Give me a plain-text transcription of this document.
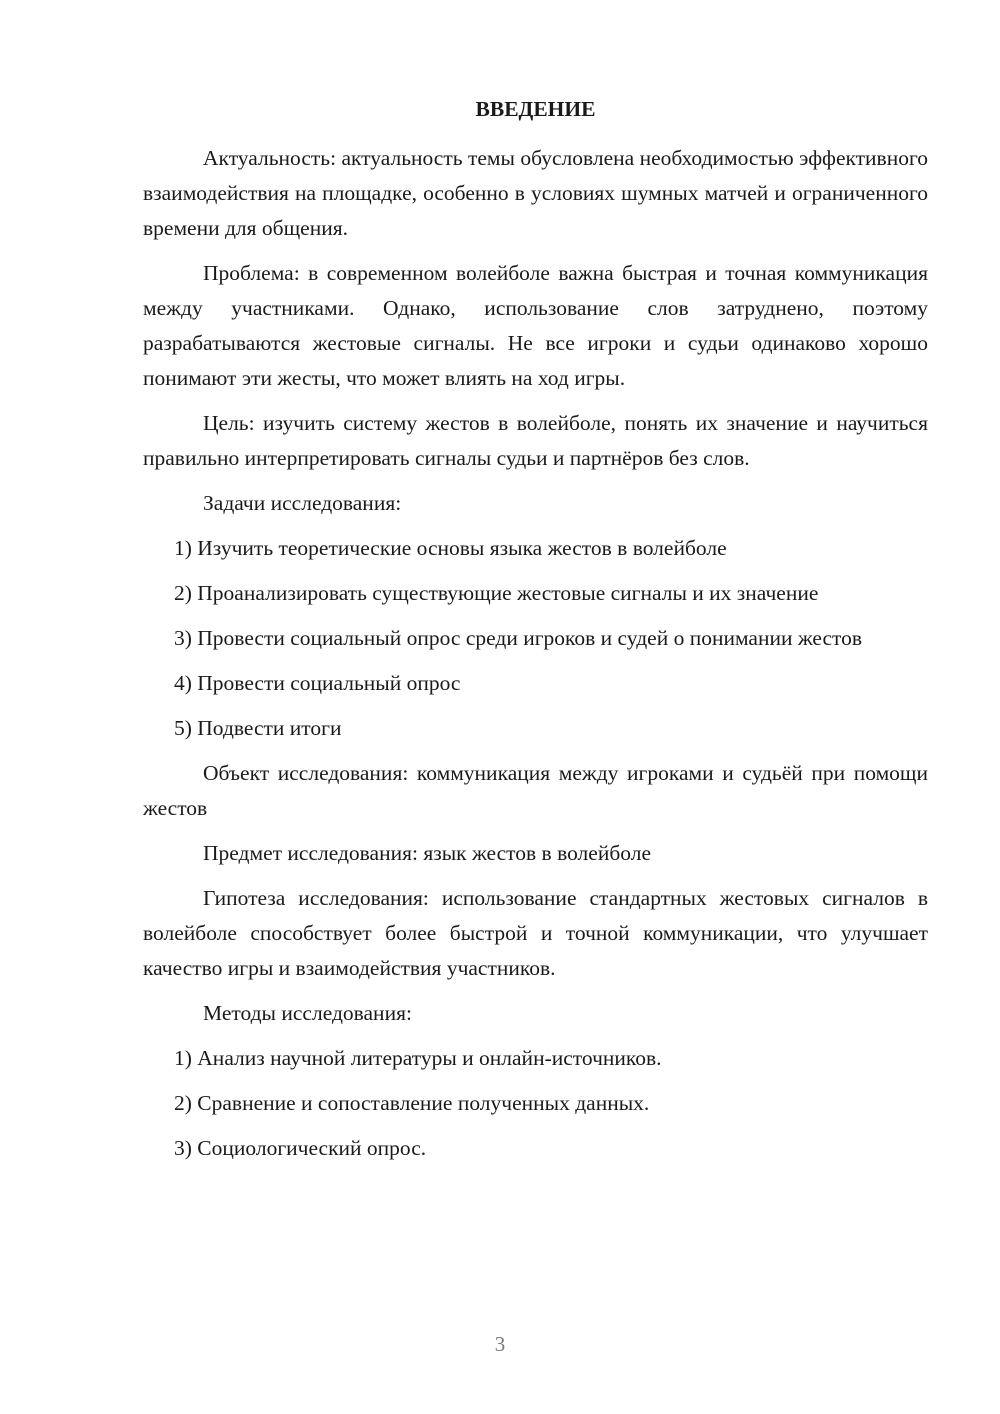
ВВЕДЕНИЕ

Актуальность: актуальность темы обусловлена необходимостью эффективного взаимодействия на площадке, особенно в условиях шумных матчей и ограниченного времени для общения.

Проблема: в современном волейболе важна быстрая и точная коммуникация между участниками. Однако, использование слов затруднено, поэтому разрабатываются жестовые сигналы. Не все игроки и судьи одинаково хорошо понимают эти жесты, что может влиять на ход игры.

Цель: изучить систему жестов в волейболе, понять их значение и научиться правильно интерпретировать сигналы судьи и партнёров без слов.

Задачи исследования:

1) Изучить теоретические основы языка жестов в волейболе

2) Проанализировать существующие жестовые сигналы и их значение

3) Провести социальный опрос среди игроков и судей о понимании жестов

4) Провести социальный опрос

5) Подвести итоги

Объект исследования: коммуникация между игроками и судьёй при помощи жестов

Предмет исследования: язык жестов в волейболе

Гипотеза исследования: использование стандартных жестовых сигналов в волейболе способствует более быстрой и точной коммуникации, что улучшает качество игры и взаимодействия участников.

Методы исследования:

1) Анализ научной литературы и онлайн-источников.

2) Сравнение и сопоставление полученных данных.

3) Социологический опрос.

3
